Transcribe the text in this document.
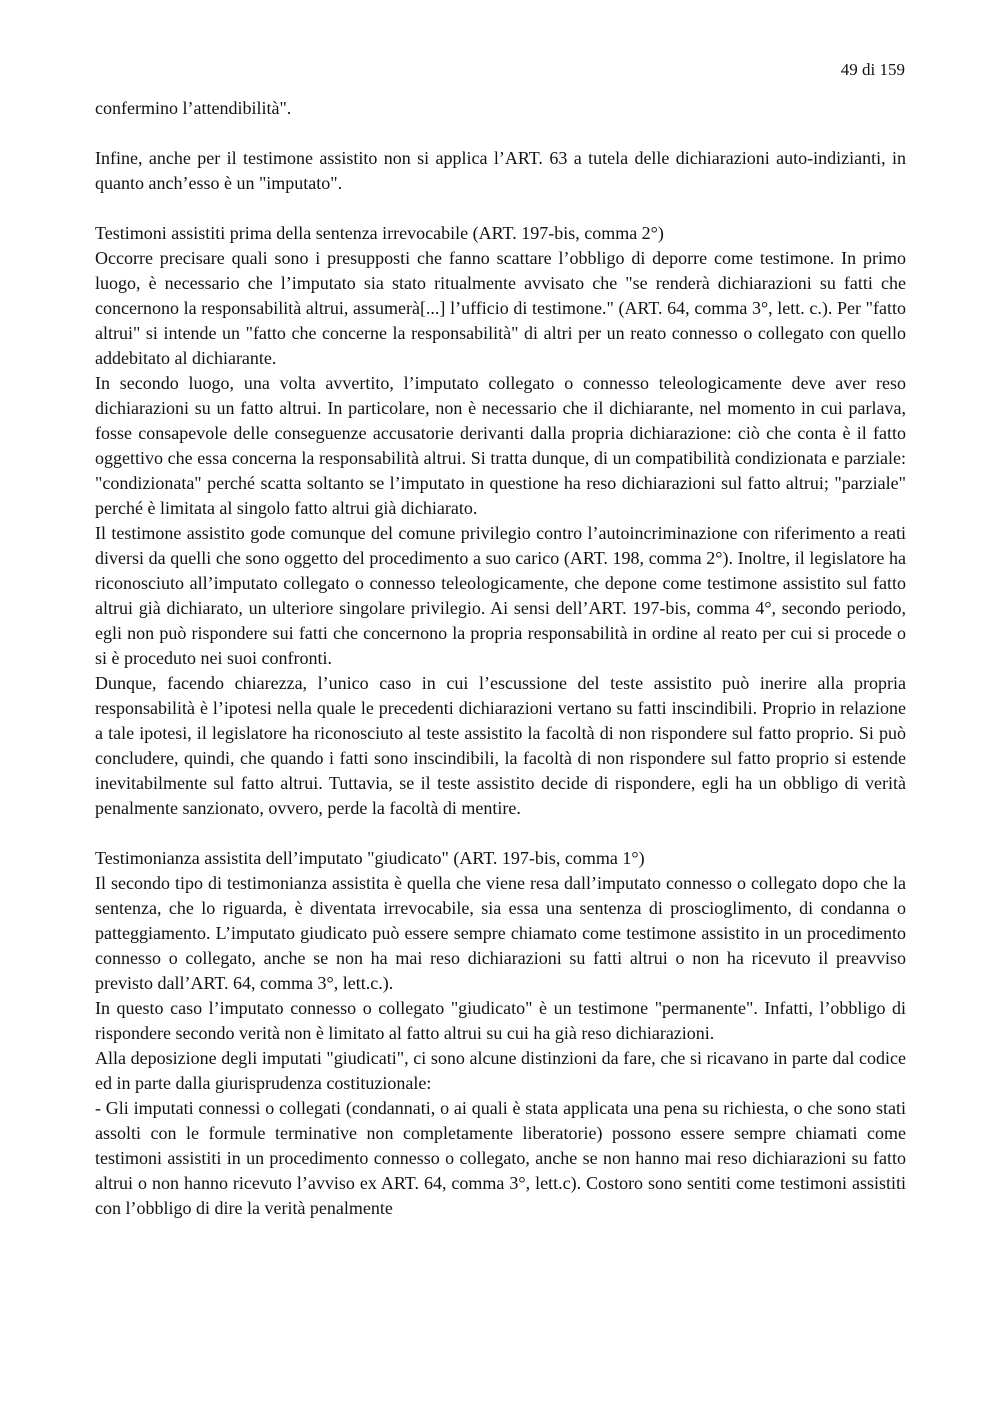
49 di 159

confermino l’attendibilità".

Infine, anche per il testimone assistito non si applica l’ART. 63 a tutela delle dichiarazioni auto-indizianti, in quanto anch’esso è un "imputato".

Testimoni assistiti prima della sentenza irrevocabile (ART. 197-bis, comma 2°)

Occorre precisare quali sono i presupposti che fanno scattare l’obbligo di deporre come testimone. In primo luogo, è necessario che l’imputato sia stato ritualmente avvisato che "se renderà dichiarazioni su fatti che concernono la responsabilità altrui, assumerà[...] l’ufficio di testimone." (ART. 64, comma 3°, lett. c.). Per "fatto altrui" si intende un "fatto che concerne la responsabilità" di altri per un reato connesso o collegato con quello addebitato al dichiarante.

In secondo luogo, una volta avvertito, l’imputato collegato o connesso teleologicamente deve aver reso dichiarazioni su un fatto altrui. In particolare, non è necessario che il dichiarante, nel momento in cui parlava, fosse consapevole delle conseguenze accusatorie derivanti dalla propria dichiarazione: ciò che conta è il fatto oggettivo che essa concerna la responsabilità altrui. Si tratta dunque, di un compatibilità condizionata e parziale: "condizionata" perché scatta soltanto se l’imputato in questione ha reso dichiarazioni sul fatto altrui; "parziale" perché è limitata al singolo fatto altrui già dichiarato.

Il testimone assistito gode comunque del comune privilegio contro l’autoincriminazione con riferimento a reati diversi da quelli che sono oggetto del procedimento a suo carico (ART. 198, comma 2°). Inoltre, il legislatore ha riconosciuto all’imputato collegato o connesso teleologicamente, che depone come testimone assistito sul fatto altrui già dichiarato, un ulteriore singolare privilegio. Ai sensi dell’ART. 197-bis, comma 4°, secondo periodo, egli non può rispondere sui fatti che concernono la propria responsabilità in ordine al reato per cui si procede o si è proceduto nei suoi confronti.

Dunque, facendo chiarezza, l’unico caso in cui l’escussione del teste assistito può inerire alla propria responsabilità è l’ipotesi nella quale le precedenti dichiarazioni vertano su fatti inscindibili. Proprio in relazione a tale ipotesi, il legislatore ha riconosciuto al teste assistito la facoltà di non rispondere sul fatto proprio. Si può concludere, quindi, che quando i fatti sono inscindibili, la facoltà di non rispondere sul fatto proprio si estende inevitabilmente sul fatto altrui. Tuttavia, se il teste assistito decide di rispondere, egli ha un obbligo di verità penalmente sanzionato, ovvero, perde la facoltà di mentire.

Testimonianza assistita dell’imputato "giudicato" (ART. 197-bis, comma 1°)

Il secondo tipo di testimonianza assistita è quella che viene resa dall’imputato connesso o collegato dopo che la sentenza, che lo riguarda, è diventata irrevocabile, sia essa una sentenza di proscioglimento, di condanna o patteggiamento. L’imputato giudicato può essere sempre chiamato come testimone assistito in un procedimento connesso o collegato, anche se non ha mai reso dichiarazioni su fatti altrui o non ha ricevuto il preavviso previsto dall’ART. 64, comma 3°, lett.c.).

In questo caso l’imputato connesso o collegato "giudicato" è un testimone "permanente". Infatti, l’obbligo di rispondere secondo verità non è limitato al fatto altrui su cui ha già reso dichiarazioni.

Alla deposizione degli imputati "giudicati", ci sono alcune distinzioni da fare, che si ricavano in parte dal codice ed in parte dalla giurisprudenza costituzionale:

- Gli imputati connessi o collegati (condannati, o ai quali è stata applicata una pena su richiesta, o che sono stati assolti con le formule terminative non completamente liberatorie) possono essere sempre chiamati come testimoni assistiti in un procedimento connesso o collegato, anche se non hanno mai reso dichiarazioni su fatto altrui o non hanno ricevuto l’avviso ex ART. 64, comma 3°, lett.c). Costoro sono sentiti come testimoni assistiti con l’obbligo di dire la verità penalmente
